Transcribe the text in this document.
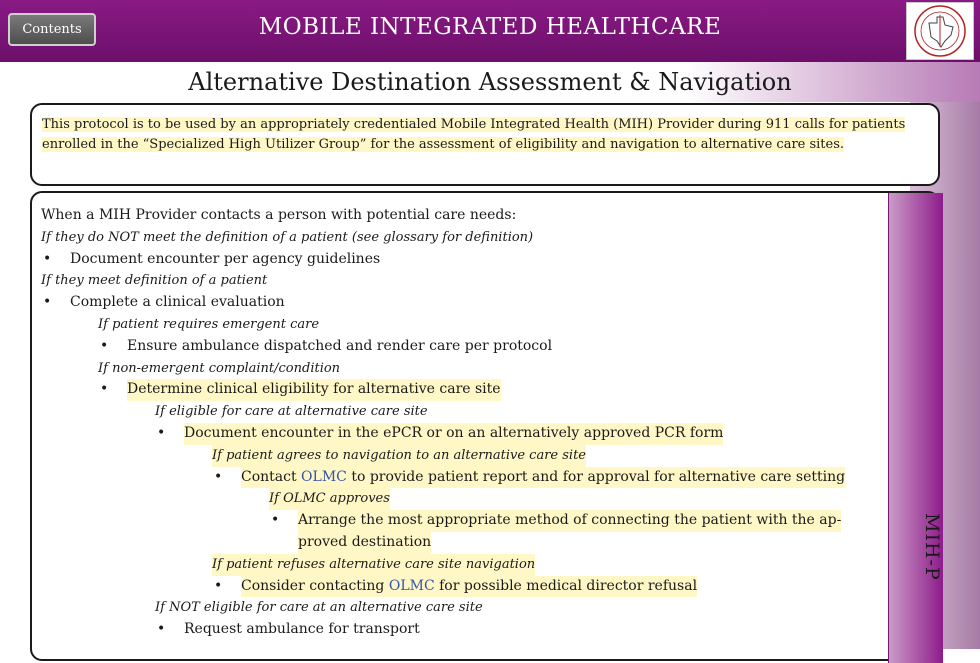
Contents	MOBILE INTEGRATED HEALTHCARE
Alternative Destination Assessment & Navigation
This protocol is to be used by an appropriately credentialed Mobile Integrated Health (MIH) Provider during 911 calls for patients enrolled in the “Specialized High Utilizer Group” for the assessment of eligibility and navigation to alternative care sites.
When a MIH Provider contacts a person with potential care needs:
If they do NOT meet the definition of a patient (see glossary for definition)
• Document encounter per agency guidelines
If they meet definition of a patient
• Complete a clinical evaluation
If patient requires emergent care
• Ensure ambulance dispatched and render care per protocol
If non-emergent complaint/condition
• Determine clinical eligibility for alternative care site
If eligible for care at alternative care site
• Document encounter in the ePCR or on an alternatively approved PCR form
If patient agrees to navigation to an alternative care site
• Contact OLMC to provide patient report and for approval for alternative care setting
If OLMC approves
• Arrange the most appropriate method of connecting the patient with the ap-
proved destination
If patient refuses alternative care site navigation
• Consider contacting OLMC for possible medical director refusal
If NOT eligible for care at an alternative care site
• Request ambulance for transport
MIH-P
